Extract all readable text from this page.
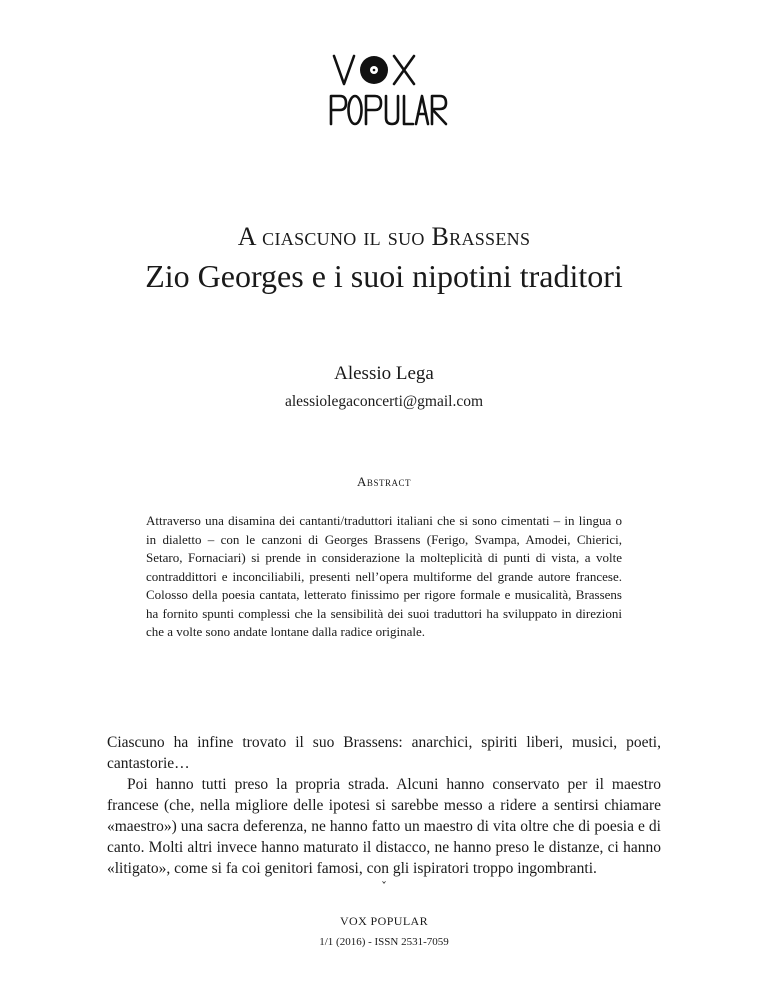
A ciascuno il suo Brassens
Zio Georges e i suoi nipotini traditori
Alessio Lega
alessiolegaconcerti@gmail.com
Abstract
Attraverso una disamina dei cantanti/traduttori italiani che si sono cimentati – in lingua o in dialetto – con le canzoni di Georges Brassens (Ferigo, Svampa, Amodei, Chierici, Setaro, Fornaciari) si prende in considerazione la molteplicità di punti di vista, a volte contraddittori e inconciliabili, presenti nell’opera multiforme del grande autore francese. Colosso della poesia cantata, letterato finissimo per rigore formale e musicalità, Brassens ha fornito spunti complessi che la sensibilità dei suoi traduttori ha sviluppato in direzioni che a volte sono andate lontane dalla radice originale.

Ciascuno ha infine trovato il suo Brassens: anarchici, spiriti liberi, musici, poeti, cantastorie…

Poi hanno tutti preso la propria strada. Alcuni hanno conservato per il maestro francese (che, nella migliore delle ipotesi si sarebbe messo a ridere a sentirsi chiamare «maestro») una sacra deferenza, ne hanno fatto un maestro di vita oltre che di poesia e di canto. Molti altri invece hanno maturato il distacco, ne hanno preso le distanze, ci hanno «litigato», come si fa coi genitori famosi, con gli ispiratori troppo ingombranti.

ˇ
VOX POPULAR
1/1 (2016) - ISSN 2531-7059
